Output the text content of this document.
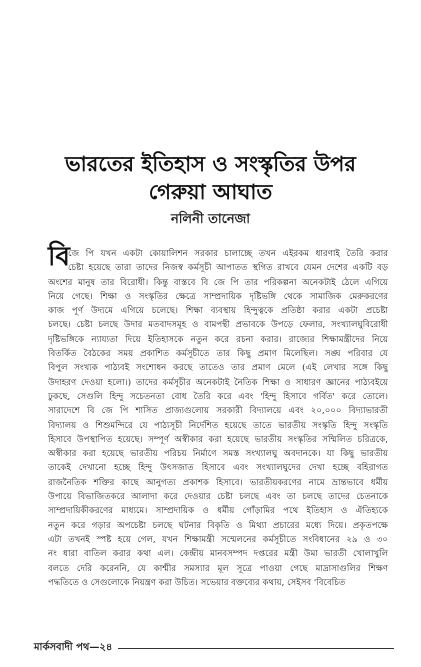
ভারতের ইতিহাস ও সংস্কৃতির উপর
গেরুয়া আঘাত
নলিনী তানেজা
বি
জে পি যখন একটা কোয়ালিশন সরকার চালাচ্ছে তখন এইরকম ধারণাই তৈরি করার
চেষ্টা হয়েছে তারা তাদের নিজস্ব কর্মসূচী আপাতত স্থগিত রাখবে যেমন দেশের একটি বড়
অংশের মানুষ তার বিরোধী। কিন্তু বাস্তবে বি জে পি তার পরিকল্পনা অনেকটাই ঠেলে এগিয়ে
নিয়ে গেছে। শিক্ষা ও সংস্কৃতির ক্ষেত্রে সাম্প্রদায়িক দৃষ্টিভঙ্গি থেকে সামাজিক মেরুকরণের
কাজ পূর্ণ উদ্যমে এগিয়ে চলেছে। শিক্ষা ব্যবস্থায় হিন্দুত্বকে প্রতিষ্ঠা করার একটা প্রচেষ্টা
চলছে। চেষ্টা চলছে উদার মতবাদসমূহ ও বামপন্থী প্রভাবকে উপড়ে ফেলার, সংখ্যালঘুবিরোধী
দৃষ্টিভঙ্গিকে ন্যায্যতা দিয়ে ইতিহাসকে নতুন করে রচনা করার। রাজ্যের শিক্ষামন্ত্রীদের নিয়ে
বিতর্কিত বৈঠকের সময় প্রকাশিত কর্মসূচীতে তার কিছু প্রমাণ মিলেছিল। সঙ্ঘ পরিবার যে
বিপুল সংখ্যক পাঠ্যবই সংশোধন করছে তাতেও তার প্রমাণ মেলে (এই লেখার সঙ্গে কিছু
উদাহরণ দেওয়া হলো।) তাদের কর্মসূচীর অনেকটাই নৈতিক শিক্ষা ও সাধারণ জ্ঞানের পাঠ্যবইয়ে
ঢুকছে, সেগুলি হিন্দু সচেতনতা বোধ তৈরি করে এবং 'হিন্দু হিসাবে গর্বিত' করে তোলে।
সারাদেশে বি জে পি শাসিত প্রাজ্যগুলোয় সরকারী বিদ্যালয়ে এবং ২০,০০০ বিদ্যাভারতী
বিদ্যালয় ও শিশুমন্দিরে যে পাঠ্যসূচী নির্দেশিত হয়েছে তাতে ভারতীয় সংস্কৃতি হিন্দু সংস্কৃতি
হিসাবে উপস্থাপিত হয়েছে। সম্পূর্ণ অস্বীকার করা হয়েছে ভারতীয় সংস্কৃতির সম্মিলিত চরিত্রকে,
অস্বীকার করা হয়েছে ভারতীয় পরিচয় নির্মাণে সমস্ত সংখ্যালঘু অবদানকে। যা কিছু ভারতীয়
তাকেই দেখানো হচ্ছে হিন্দু উৎসজাত হিসাবে এবং সংখ্যালঘুদের দেখা হচ্ছে বহিরাগত
রাজনৈতিক শক্তির কাছে আনুগত্য প্রকাশক হিসাবে। ভারতীয়করণের নামে ভ্রান্তভাবে ধর্মীয়
উপায়ে বিভাজিতকরে আলাদা করে দেওয়ার চেষ্টা চলছে এবং তা চলছে তাদের চেতনাকে
সাম্প্রদায়িকীকরণের মাধ্যমে। সাম্প্রদায়িক ও ধর্মীয় গোঁড়ামির পথে ইতিহাস ও ঐতিহ্যকে
নতুন করে গড়ার অপচেষ্টা চলছে ঘটনার বিকৃতি ও মিথ্যা প্রচারের মধ্যে দিয়ে। প্রকৃতপক্ষে
এটা তখনই স্পষ্ট হয়ে গেল, যখন শিক্ষামন্ত্রী সম্মেলনের কর্মসূচীতে সংবিধানের ২৯ ও ৩০
নং ধারা বাতিল করার কথা এল। কেন্দ্রীয় মানবসম্পদ দপ্তরের মন্ত্রী উমা ভারতী খোলাখুলি
বলতে দেরি করেননি, যে কাশ্মীর সমস্যার মূল সূত্রে পাওয়া গেছে মাদ্রাসাগুলির শিক্ষণ
পদ্ধতিতে ও সেগুলোকে নিয়ন্ত্রণ করা উচিত। সভেয়ার বক্তব্যের কথায়, সেইসব 'বিবেচিত
মার্কসবাদী পথ—২৪
